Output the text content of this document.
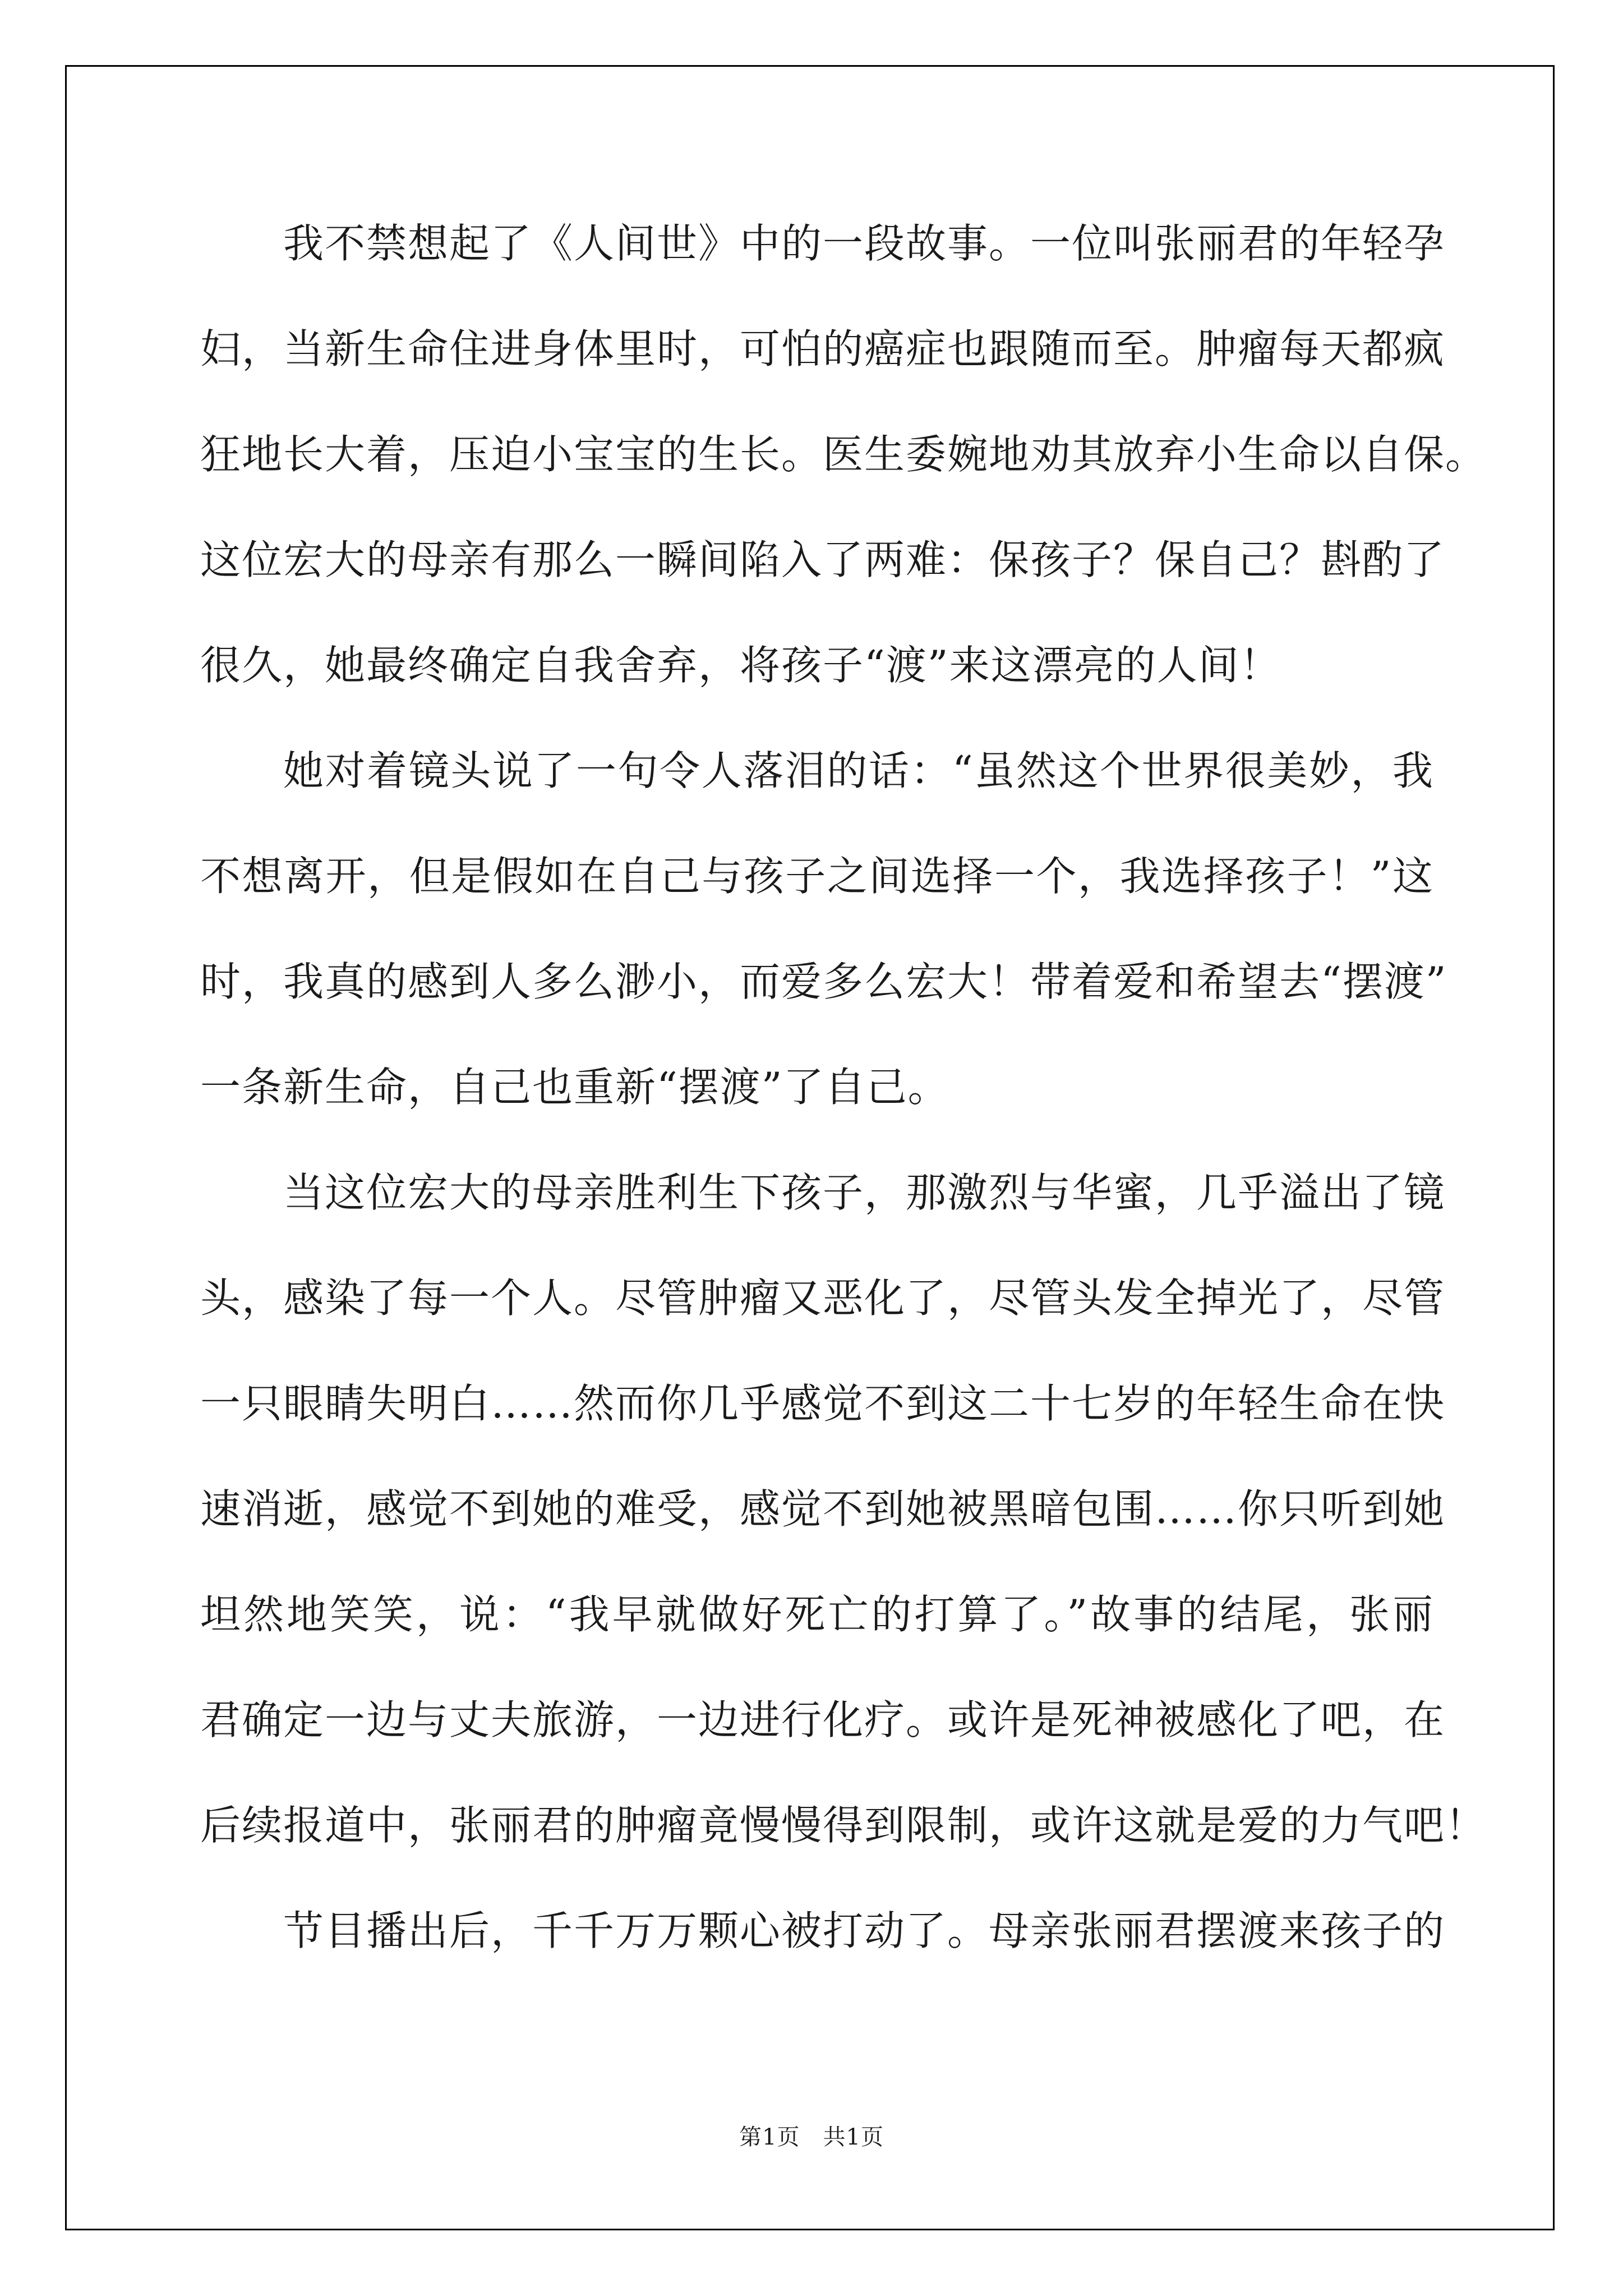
我不禁想起了《人间世》中的一段故事。一位叫张丽君的年轻孕
妇，当新生命住进身体里时，可怕的癌症也跟随而至。肿瘤每天都疯
狂地长大着，压迫小宝宝的生长。医生委婉地劝其放弃小生命以自保。
这位宏大的母亲有那么一瞬间陷入了两难：保孩子？保自己？斟酌了
很久，她最终确定自我舍弃，将孩子“渡”来这漂亮的人间！
她对着镜头说了一句令人落泪的话：“虽然这个世界很美妙，我
不想离开，但是假如在自己与孩子之间选择一个，我选择孩子！”这
时，我真的感到人多么渺小，而爱多么宏大！带着爱和希望去“摆渡”
一条新生命，自己也重新“摆渡”了自己。
当这位宏大的母亲胜利生下孩子，那激烈与华蜜，几乎溢出了镜
头，感染了每一个人。尽管肿瘤又恶化了，尽管头发全掉光了，尽管
一只眼睛失明白……然而你几乎感觉不到这二十七岁的年轻生命在快
速消逝，感觉不到她的难受，感觉不到她被黑暗包围……你只听到她
坦然地笑笑，说：“我早就做好死亡的打算了。”故事的结尾，张丽
君确定一边与丈夫旅游，一边进行化疗。或许是死神被感化了吧，在
后续报道中，张丽君的肿瘤竟慢慢得到限制，或许这就是爱的力气吧！
节目播出后，千千万万颗心被打动了。母亲张丽君摆渡来孩子的
第1页　共1页
